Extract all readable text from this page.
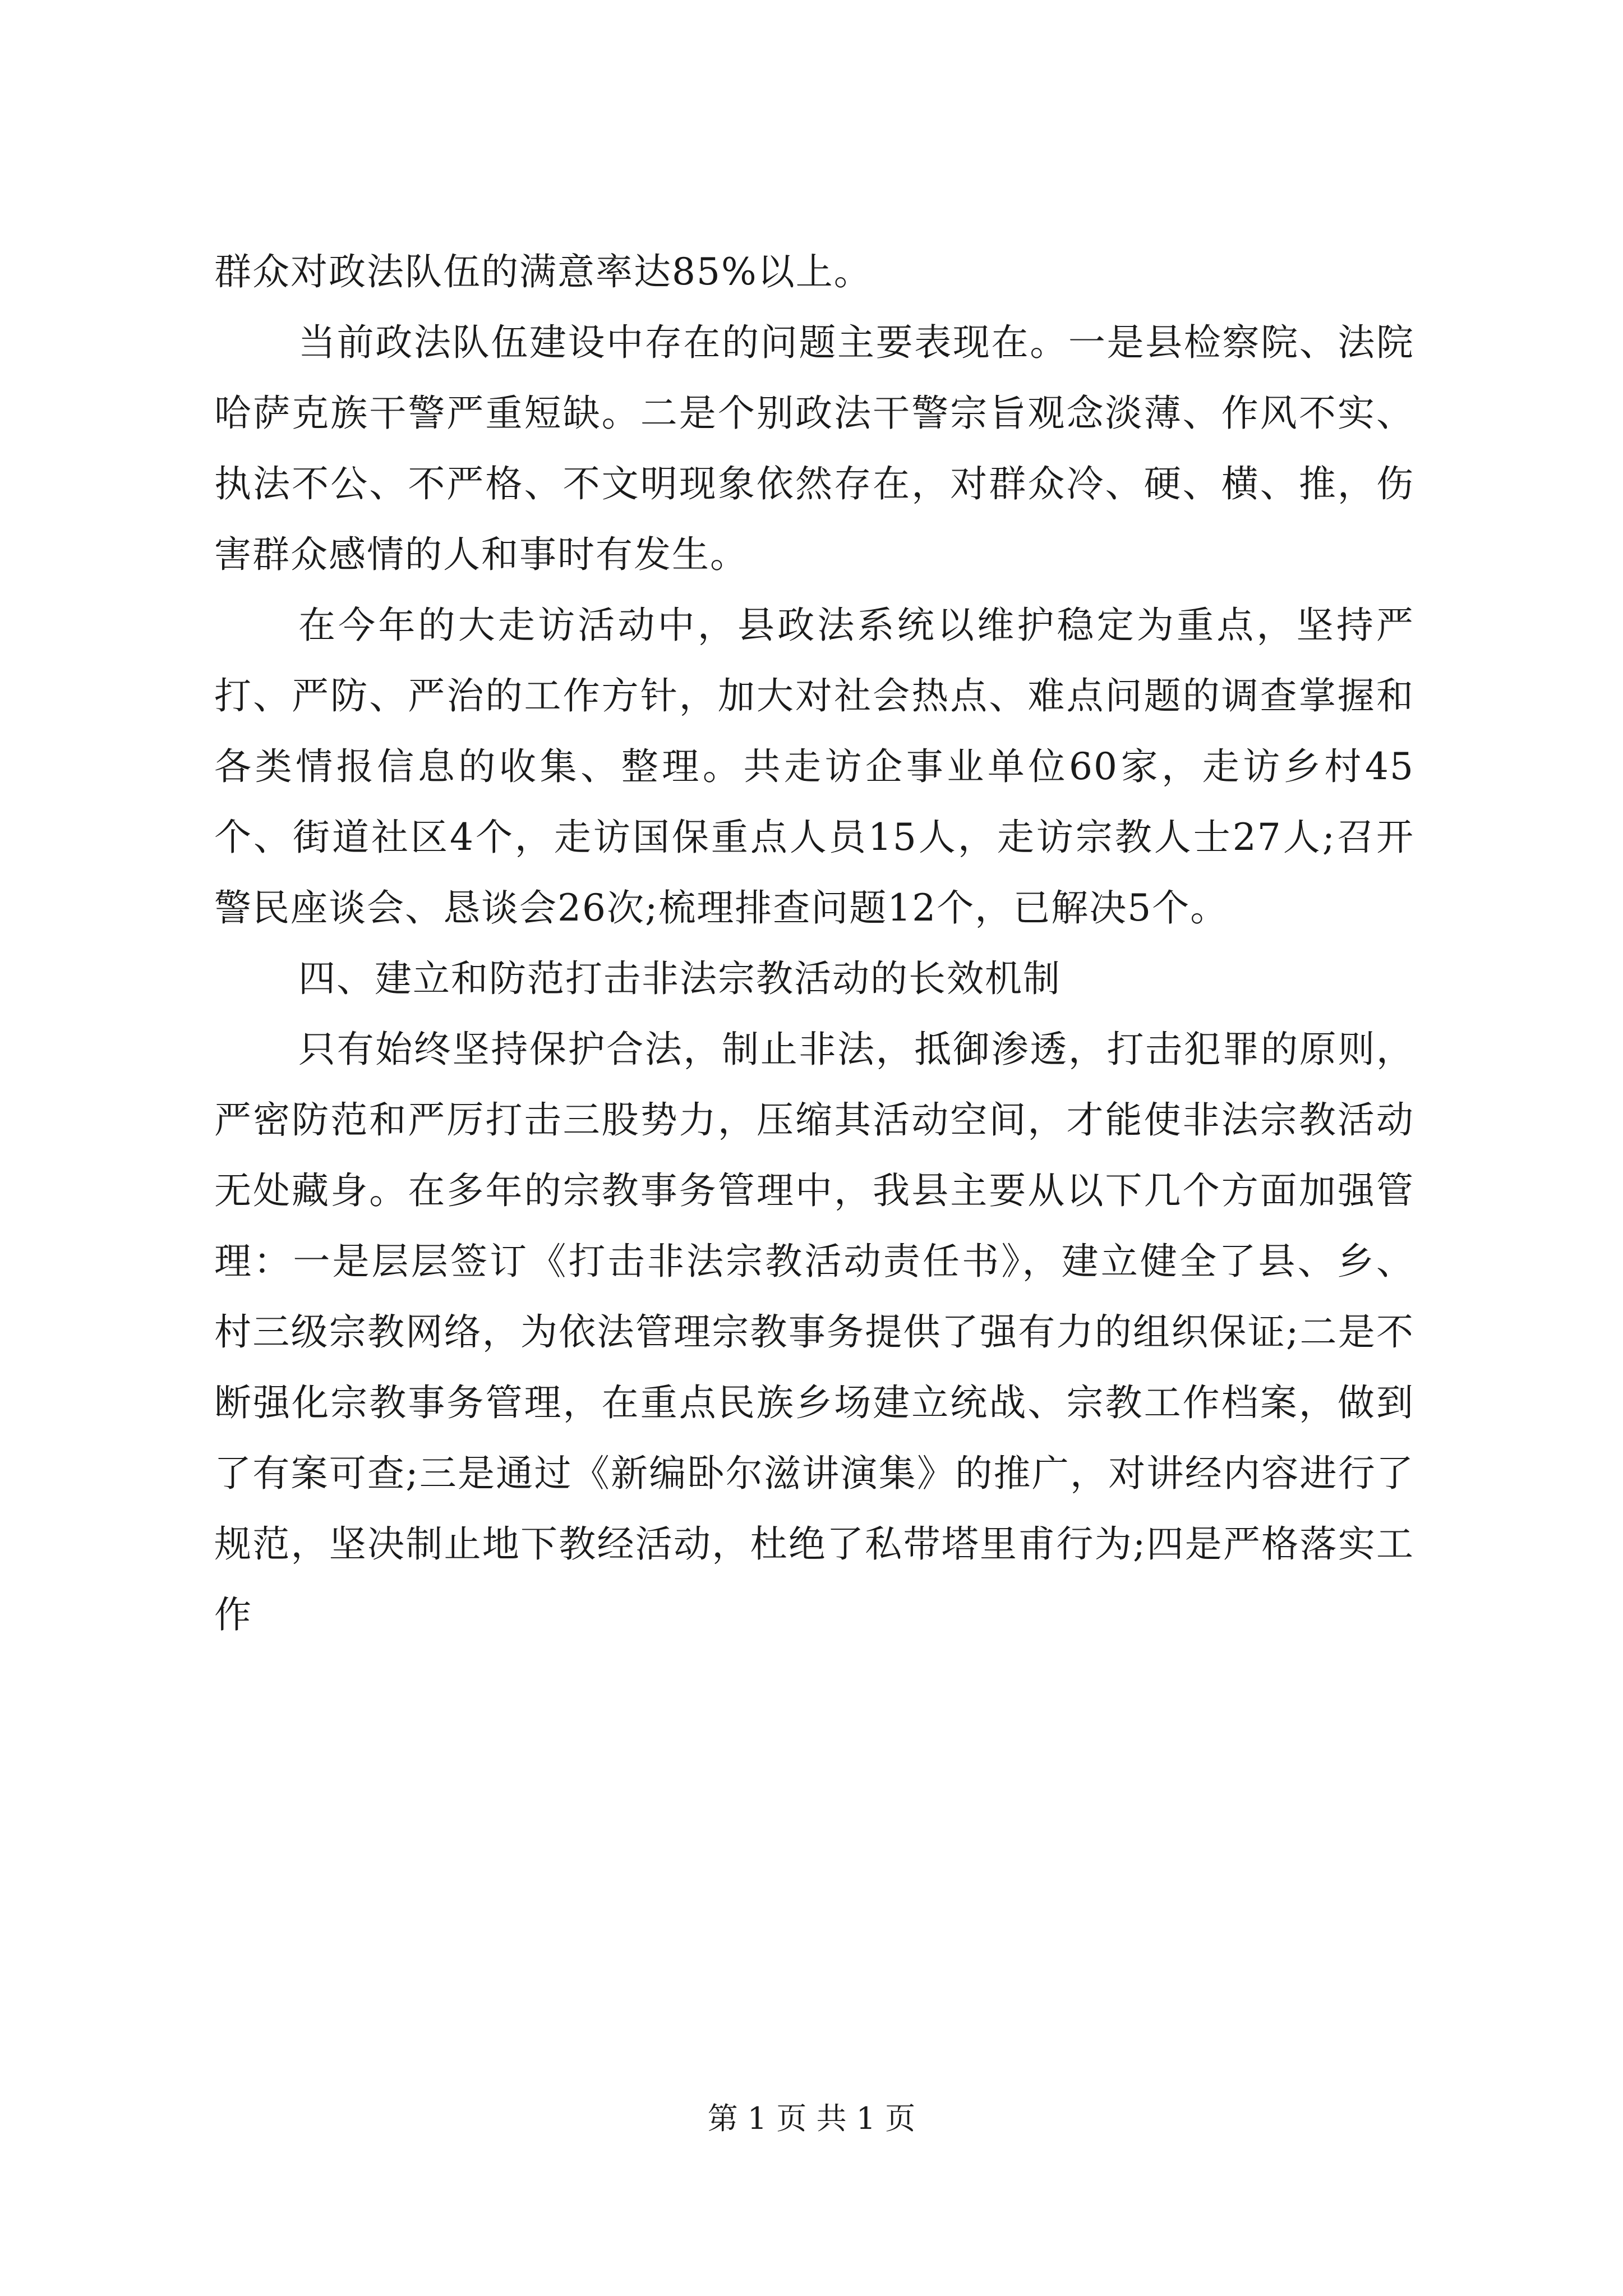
群众对政法队伍的满意率达85%以上。

当前政法队伍建设中存在的问题主要表现在。一是县检察院、法院哈萨克族干警严重短缺。二是个别政法干警宗旨观念淡薄、作风不实、执法不公、不严格、不文明现象依然存在，对群众冷、硬、横、推，伤害群众感情的人和事时有发生。

在今年的大走访活动中，县政法系统以维护稳定为重点，坚持严打、严防、严治的工作方针，加大对社会热点、难点问题的调查掌握和各类情报信息的收集、整理。共走访企事业单位60家，走访乡村45个、街道社区4个，走访国保重点人员15人，走访宗教人士27人;召开警民座谈会、恳谈会26次;梳理排查问题12个，已解决5个。

四、建立和防范打击非法宗教活动的长效机制

只有始终坚持保护合法，制止非法，抵御渗透，打击犯罪的原则，严密防范和严厉打击三股势力，压缩其活动空间，才能使非法宗教活动无处藏身。在多年的宗教事务管理中，我县主要从以下几个方面加强管理：一是层层签订《打击非法宗教活动责任书》，建立健全了县、乡、村三级宗教网络，为依法管理宗教事务提供了强有力的组织保证;二是不断强化宗教事务管理，在重点民族乡场建立统战、宗教工作档案，做到了有案可查;三是通过《新编卧尔滋讲演集》的推广，对讲经内容进行了规范，坚决制止地下教经活动，杜绝了私带塔里甫行为;四是严格落实工作

第 1 页 共 1 页
